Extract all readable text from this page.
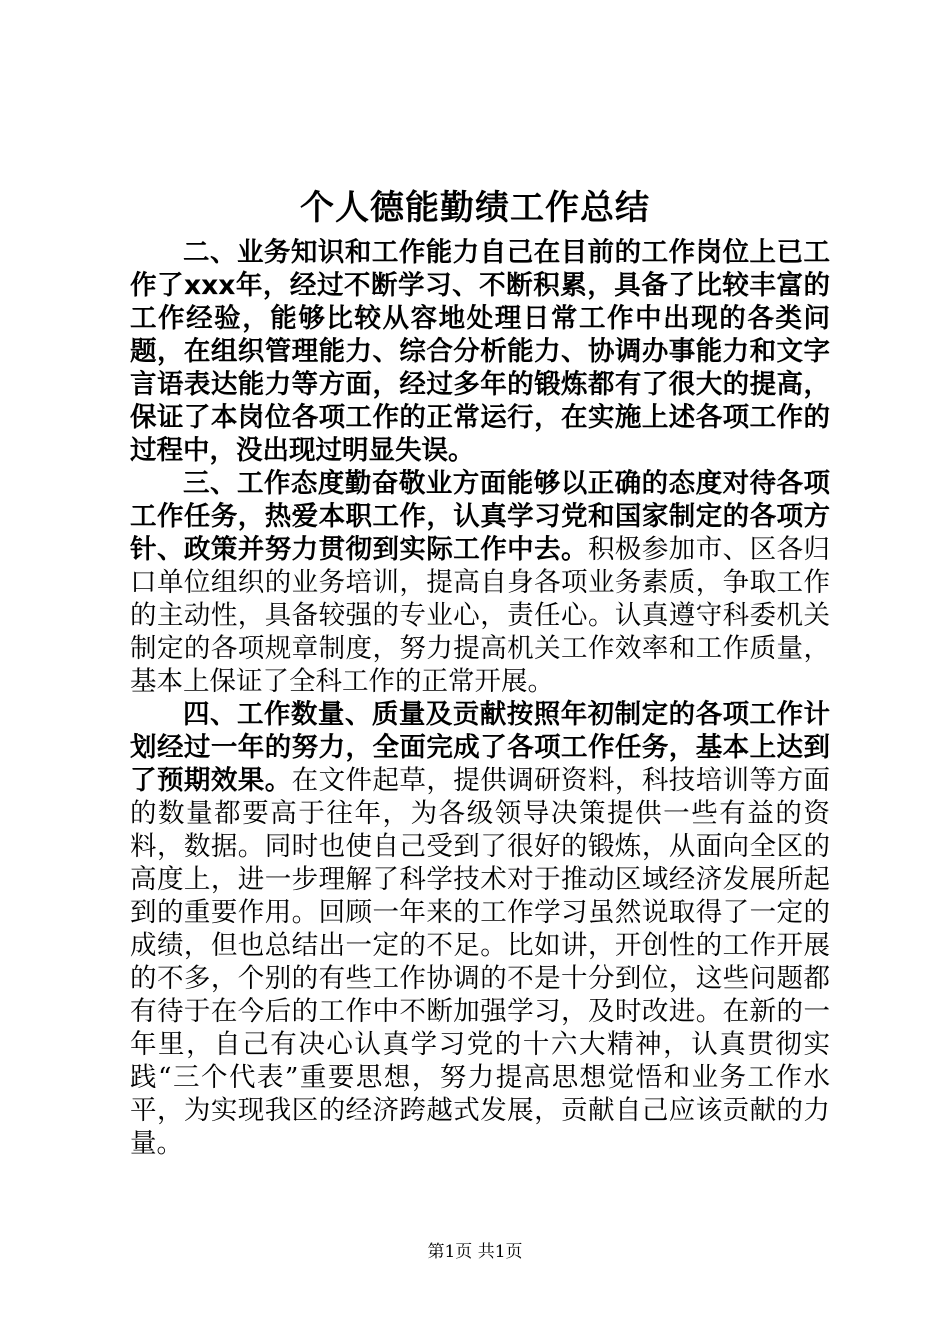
个人德能勤绩工作总结

二、业务知识和工作能力自己在目前的工作岗位上已工作了xxx年，经过不断学习、不断积累，具备了比较丰富的工作经验，能够比较从容地处理日常工作中出现的各类问题，在组织管理能力、综合分析能力、协调办事能力和文字言语表达能力等方面，经过多年的锻炼都有了很大的提高，保证了本岗位各项工作的正常运行，在实施上述各项工作的过程中，没出现过明显失误。

三、工作态度勤奋敬业方面能够以正确的态度对待各项工作任务，热爱本职工作，认真学习党和国家制定的各项方针、政策并努力贯彻到实际工作中去。积极参加市、区各归口单位组织的业务培训，提高自身各项业务素质，争取工作的主动性，具备较强的专业心，责任心。认真遵守科委机关制定的各项规章制度，努力提高机关工作效率和工作质量，基本上保证了全科工作的正常开展。

四、工作数量、质量及贡献按照年初制定的各项工作计划经过一年的努力，全面完成了各项工作任务，基本上达到了预期效果。在文件起草，提供调研资料，科技培训等方面的数量都要高于往年，为各级领导决策提供一些有益的资料，数据。同时也使自己受到了很好的锻炼，从面向全区的高度上，进一步理解了科学技术对于推动区域经济发展所起到的重要作用。回顾一年来的工作学习虽然说取得了一定的成绩，但也总结出一定的不足。比如讲，开创性的工作开展的不多，个别的有些工作协调的不是十分到位，这些问题都有待于在今后的工作中不断加强学习，及时改进。在新的一年里，自己有决心认真学习党的十六大精神，认真贯彻实践“三个代表”重要思想，努力提高思想觉悟和业务工作水平，为实现我区的经济跨越式发展，贡献自己应该贡献的力量。

第1页 共1页
